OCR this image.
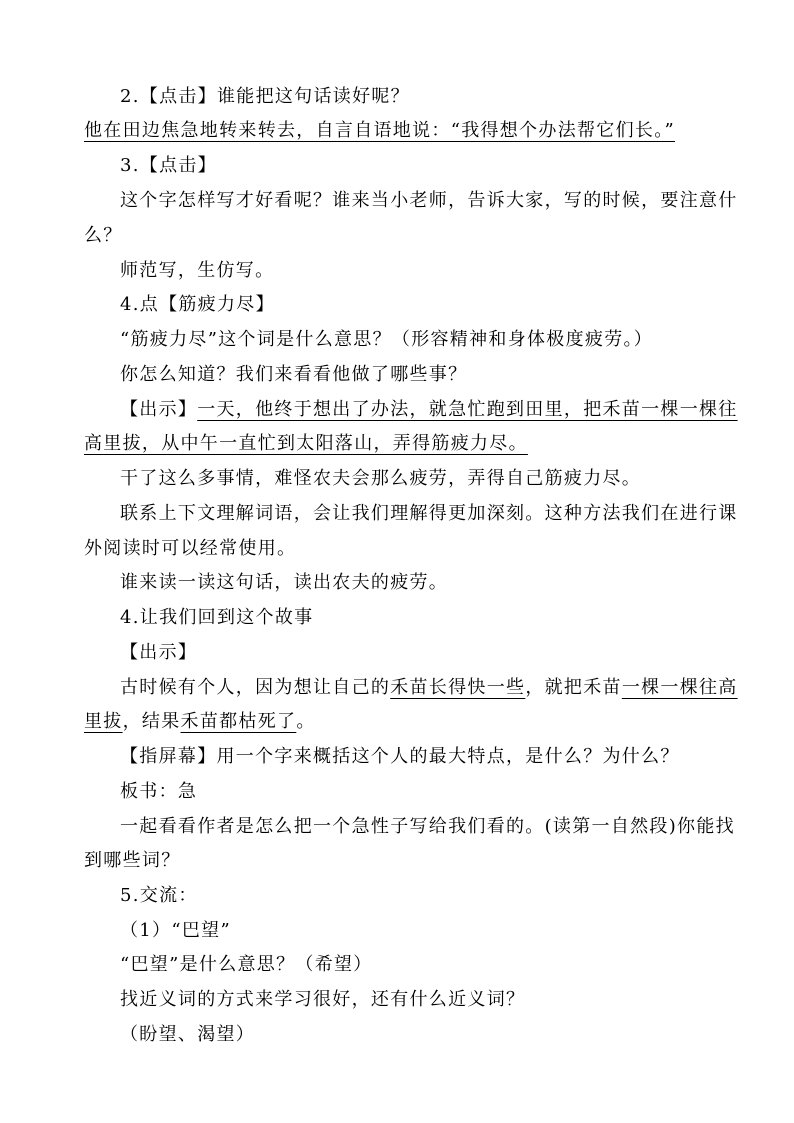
2.【点击】谁能把这句话读好呢？
他在田边焦急地转来转去，自言自语地说：“我得想个办法帮它们长。”
3.【点击】
这个字怎样写才好看呢？谁来当小老师，告诉大家，写的时候，要注意什
么？
师范写，生仿写。
4.点【筋疲力尽】
“筋疲力尽”这个词是什么意思？（形容精神和身体极度疲劳。）
你怎么知道？我们来看看他做了哪些事？
【出示】一天，他终于想出了办法，就急忙跑到田里，把禾苗一棵一棵往
高里拔，从中午一直忙到太阳落山，弄得筋疲力尽。
干了这么多事情，难怪农夫会那么疲劳，弄得自己筋疲力尽。
联系上下文理解词语，会让我们理解得更加深刻。这种方法我们在进行课
外阅读时可以经常使用。
谁来读一读这句话，读出农夫的疲劳。
4.让我们回到这个故事
【出示】
古时候有个人，因为想让自己的禾苗长得快一些，就把禾苗一棵一棵往高
里拔，结果禾苗都枯死了。
【指屏幕】用一个字来概括这个人的最大特点，是什么？为什么？
板书：急
一起看看作者是怎么把一个急性子写给我们看的。(读第一自然段)你能找
到哪些词？
5.交流：
（1）“巴望”
“巴望”是什么意思？（希望）
找近义词的方式来学习很好，还有什么近义词？
（盼望、渴望）
